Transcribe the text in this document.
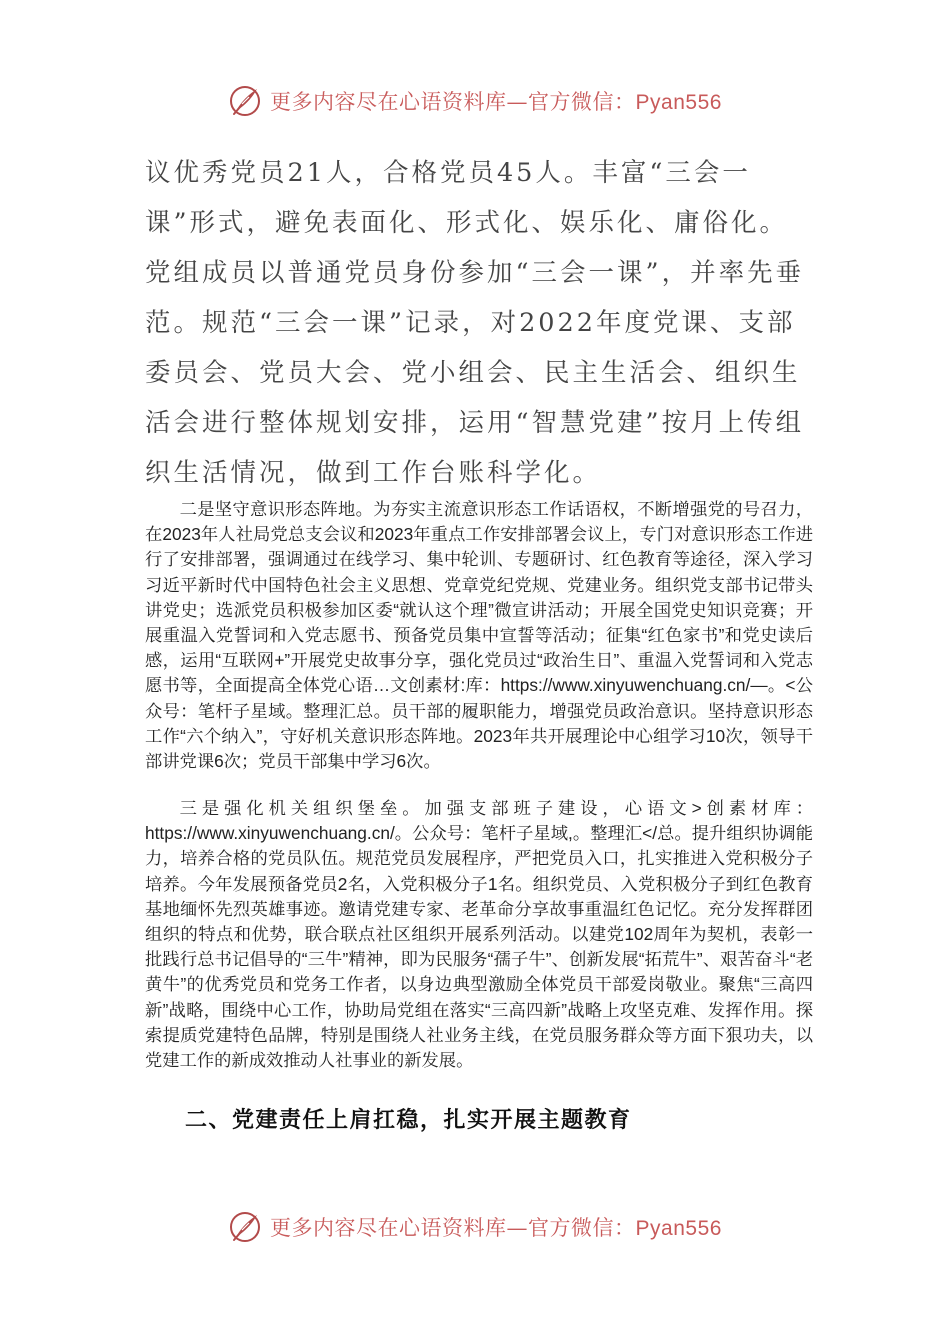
更多内容尽在心语资料库—官方微信：Pyan556

议优秀党员21人，合格党员45人。丰富“三会一课”形式，避免表面化、形式化、娱乐化、庸俗化。党组成员以普通党员身份参加“三会一课”，并率先垂范。规范“三会一课”记录，对2022年度党课、支部委员会、党员大会、党小组会、民主生活会、组织生活会进行整体规划安排，运用“智慧党建”按月上传组织生活情况，做到工作台账科学化。

二是坚守意识形态阵地。为夯实主流意识形态工作话语权，不断增强党的号召力，在2023年人社局党总支会议和2023年重点工作安排部署会议上，专门对意识形态工作进行了安排部署，强调通过在线学习、集中轮训、专题研讨、红色教育等途径，深入学习习近平新时代中国特色社会主义思想、党章党纪党规、党建业务。组织党支部书记带头讲党史；选派党员积极参加区委“就认这个理”微宣讲活动；开展全国党史知识竞赛；开展重温入党誓词和入党志愿书、预备党员集中宣誓等活动；征集“红色家书”和党史读后感，运用“互联网+”开展党史故事分享，强化党员过“政治生日”、重温入党誓词和入党志愿书等，全面提高全体党心语…文创素材:库：https://www.xinyuwenchuang.cn/—。<公众号：笔杆子星域。整理汇总。员干部的履职能力，增强党员政治意识。坚持意识形态工作“六个纳入”，守好机关意识形态阵地。2023年共开展理论中心组学习10次，领导干部讲党课6次；党员干部集中学习6次。

三是强化机关组织堡垒。加强支部班子建设，心语文>创素材库：https://www.xinyuwenchuang.cn/。公众号：笔杆子星域,。整理汇</总。提升组织协调能力，培养合格的党员队伍。规范党员发展程序，严把党员入口，扎实推进入党积极分子培养。今年发展预备党员2名，入党积极分子1名。组织党员、入党积极分子到红色教育基地缅怀先烈英雄事迹。邀请党建专家、老革命分享故事重温红色记忆。充分发挥群团组织的特点和优势，联合联点社区组织开展系列活动。以建党102周年为契机，表彰一批践行总书记倡导的“三牛”精神，即为民服务“孺子牛”、创新发展“拓荒牛”、艰苦奋斗“老黄牛”的优秀党员和党务工作者，以身边典型激励全体党员干部爱岗敬业。聚焦“三高四新”战略，围绕中心工作，协助局党组在落实“三高四新”战略上攻坚克难、发挥作用。探索提质党建特色品牌，特别是围绕人社业务主线，在党员服务群众等方面下狠功夫，以党建工作的新成效推动人社事业的新发展。

二、党建责任上肩扛稳，扎实开展主题教育
更多内容尽在心语资料库—官方微信：Pyan556
